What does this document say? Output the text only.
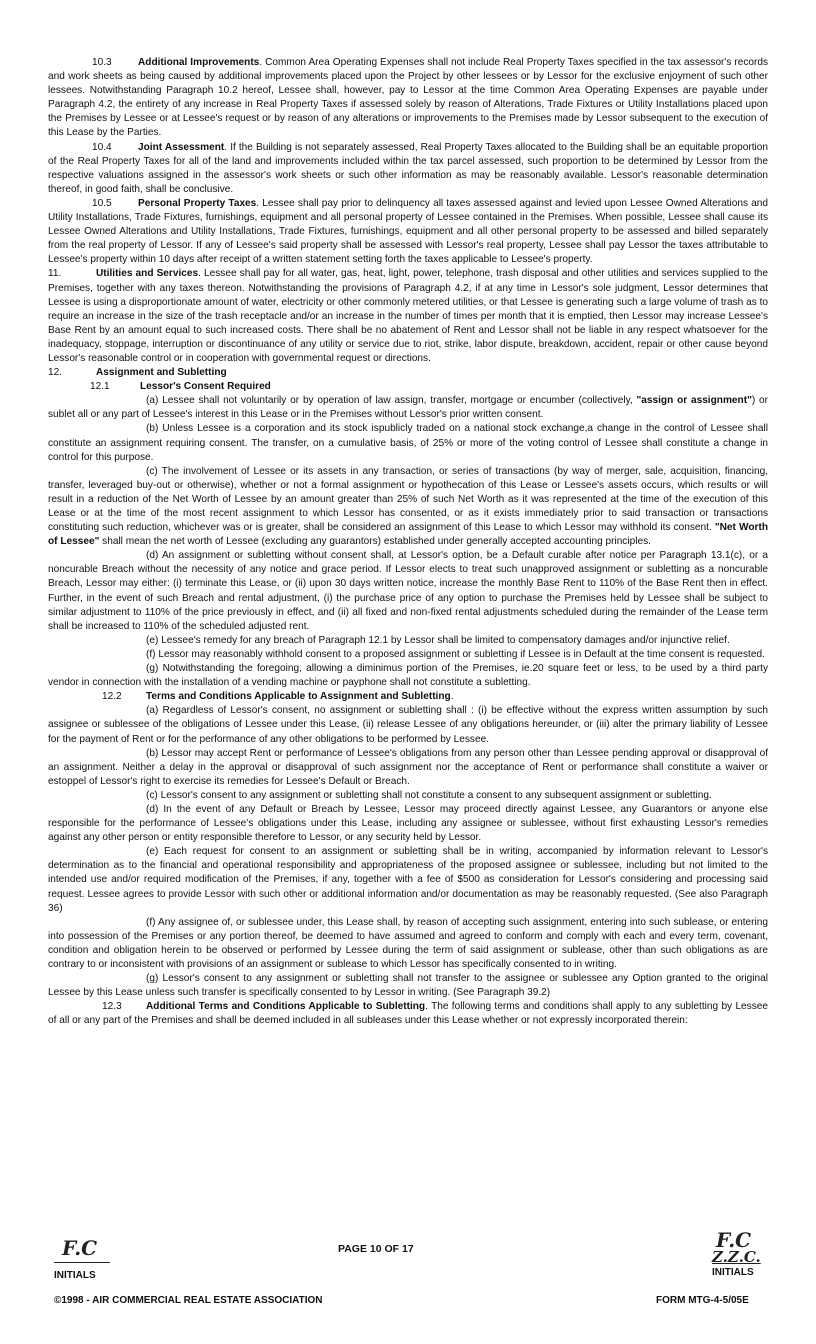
10.3	Additional Improvements. Common Area Operating Expenses shall not include Real Property Taxes specified in the tax assessor's records and work sheets as being caused by additional improvements placed upon the Project by other lessees or by Lessor for the exclusive enjoyment of such other lessees. Notwithstanding Paragraph 10.2 hereof, Lessee shall, however, pay to Lessor at the time Common Area Operating Expenses are payable under Paragraph 4.2, the entirety of any increase in Real Property Taxes if assessed solely by reason of Alterations, Trade Fixtures or Utility Installations placed upon the Premises by Lessee or at Lessee's request or by reason of any alterations or improvements to the Premises made by Lessor subsequent to the execution of this Lease by the Parties.

10.4	Joint Assessment. If the Building is not separately assessed, Real Property Taxes allocated to the Building shall be an equitable proportion of the Real Property Taxes for all of the land and improvements included within the tax parcel assessed, such proportion to be determined by Lessor from the respective valuations assigned in the assessor's work sheets or such other information as may be reasonably available. Lessor's reasonable determination thereof, in good faith, shall be conclusive.

10.5	Personal Property Taxes. Lessee shall pay prior to delinquency all taxes assessed against and levied upon Lessee Owned Alterations and Utility Installations, Trade Fixtures, furnishings, equipment and all personal property of Lessee contained in the Premises. When possible, Lessee shall cause its Lessee Owned Alterations and Utility Installations, Trade Fixtures, furnishings, equipment and all other personal property to be assessed and billed separately from the real property of Lessor. If any of Lessee's said property shall be assessed with Lessor's real property, Lessee shall pay Lessor the taxes attributable to Lessee's property within 10 days after receipt of a written statement setting forth the taxes applicable to Lessee's property.

11.	Utilities and Services. Lessee shall pay for all water, gas, heat, light, power, telephone, trash disposal and other utilities and services supplied to the Premises, together with any taxes thereon. Notwithstanding the provisions of Paragraph 4.2, if at any time in Lessor's sole judgment, Lessor determines that Lessee is using a disproportionate amount of water, electricity or other commonly metered utilities, or that Lessee is generating such a large volume of trash as to require an increase in the size of the trash receptacle and/or an increase in the number of times per month that it is emptied, then Lessor may increase Lessee's Base Rent by an amount equal to such increased costs. There shall be no abatement of Rent and Lessor shall not be liable in any respect whatsoever for the inadequacy, stoppage, interruption or discontinuance of any utility or service due to riot, strike, labor dispute, breakdown, accident, repair or other cause beyond Lessor's reasonable control or in cooperation with governmental request or directions.

12.	Assignment and Subletting

12.1	Lessor's Consent Required

(a) Lessee shall not voluntarily or by operation of law assign, transfer, mortgage or encumber (collectively, "assign or assignment") or sublet all or any part of Lessee's interest in this Lease or in the Premises without Lessor's prior written consent.

(b) Unless Lessee is a corporation and its stock ispublicly traded on a national stock exchange,a change in the control of Lessee shall constitute an assignment requiring consent. The transfer, on a cumulative basis, of 25% or more of the voting control of Lessee shall constitute a change in control for this purpose.

(c) The involvement of Lessee or its assets in any transaction, or series of transactions (by way of merger, sale, acquisition, financing, transfer, leveraged buy-out or otherwise), whether or not a formal assignment or hypothecation of this Lease or Lessee's assets occurs, which results or will result in a reduction of the Net Worth of Lessee by an amount greater than 25% of such Net Worth as it was represented at the time of the execution of this Lease or at the time of the most recent assignment to which Lessor has consented, or as it exists immediately prior to said transaction or transactions constituting such reduction, whichever was or is greater, shall be considered an assignment of this Lease to which Lessor may withhold its consent. "Net Worth of Lessee" shall mean the net worth of Lessee (excluding any guarantors) established under generally accepted accounting principles.

(d) An assignment or subletting without consent shall, at Lessor's option, be a Default curable after notice per Paragraph 13.1(c), or a noncurable Breach without the necessity of any notice and grace period. If Lessor elects to treat such unapproved assignment or subletting as a noncurable Breach, Lessor may either: (i) terminate this Lease, or (ii) upon 30 days written notice, increase the monthly Base Rent to 110% of the Base Rent then in effect. Further, in the event of such Breach and rental adjustment, (i) the purchase price of any option to purchase the Premises held by Lessee shall be subject to similar adjustment to 110% of the price previously in effect, and (ii) all fixed and non-fixed rental adjustments scheduled during the remainder of the Lease term shall be increased to 110% of the scheduled adjusted rent.

(e) Lessee's remedy for any breach of Paragraph 12.1 by Lessor shall be limited to compensatory damages and/or injunctive relief.

(f) Lessor may reasonably withhold consent to a proposed assignment or subletting if Lessee is in Default at the time consent is requested.

(g) Notwithstanding the foregoing, allowing a diminimus portion of the Premises, ie.20 square feet or less, to be used by a third party vendor in connection with the installation of a vending machine or payphone shall not constitute a subletting.

12.2 Terms and Conditions Applicable to Assignment and Subletting.

(a) Regardless of Lessor's consent, no assignment or subletting shall : (i) be effective without the express written assumption by such assignee or sublessee of the obligations of Lessee under this Lease, (ii) release Lessee of any obligations hereunder, or (iii) alter the primary liability of Lessee for the payment of Rent or for the performance of any other obligations to be performed by Lessee.

(b) Lessor may accept Rent or performance of Lessee's obligations from any person other than Lessee pending approval or disapproval of an assignment. Neither a delay in the approval or disapproval of such assignment nor the acceptance of Rent or performance shall constitute a waiver or estoppel of Lessor's right to exercise its remedies for Lessee's Default or Breach.

(c) Lessor's consent to any assignment or subletting shall not constitute a consent to any subsequent assignment or subletting.

(d) In the event of any Default or Breach by Lessee, Lessor may proceed directly against Lessee, any Guarantors or anyone else responsible for the performance of Lessee's obligations under this Lease, including any assignee or sublessee, without first exhausting Lessor's remedies against any other person or entity responsible therefore to Lessor, or any security held by Lessor.

(e) Each request for consent to an assignment or subletting shall be in writing, accompanied by information relevant to Lessor's determination as to the financial and operational responsibility and appropriateness of the proposed assignee or sublessee, including but not limited to the intended use and/or required modification of the Premises, if any, together with a fee of $500 as consideration for Lessor's considering and processing said request. Lessee agrees to provide Lessor with such other or additional information and/or documentation as may be reasonably requested. (See also Paragraph 36)

(f) Any assignee of, or sublessee under, this Lease shall, by reason of accepting such assignment, entering into such sublease, or entering into possession of the Premises or any portion thereof, be deemed to have assumed and agreed to conform and comply with each and every term, covenant, condition and obligation herein to be observed or performed by Lessee during the term of said assignment or sublease, other than such obligations as are contrary to or inconsistent with provisions of an assignment or sublease to which Lessor has specifically consented to in writing.

(g) Lessor's consent to any assignment or subletting shall not transfer to the assignee or sublessee any Option granted to the original Lessee by this Lease unless such transfer is specifically consented to by Lessor in writing. (See Paragraph 39.2)

12.3 Additional Terms and Conditions Applicable to Subletting. The following terms and conditions shall apply to any subletting by Lessee of all or any part of the Premises and shall be deemed included in all subleases under this Lease whether or not expressly incorporated therein:

F.C
INITIALS
PAGE 10 OF 17	F.C
Z.Z.C.
INITIALS
©1998 - AIR COMMERCIAL REAL ESTATE ASSOCIATION	FORM MTG-4-5/05E
